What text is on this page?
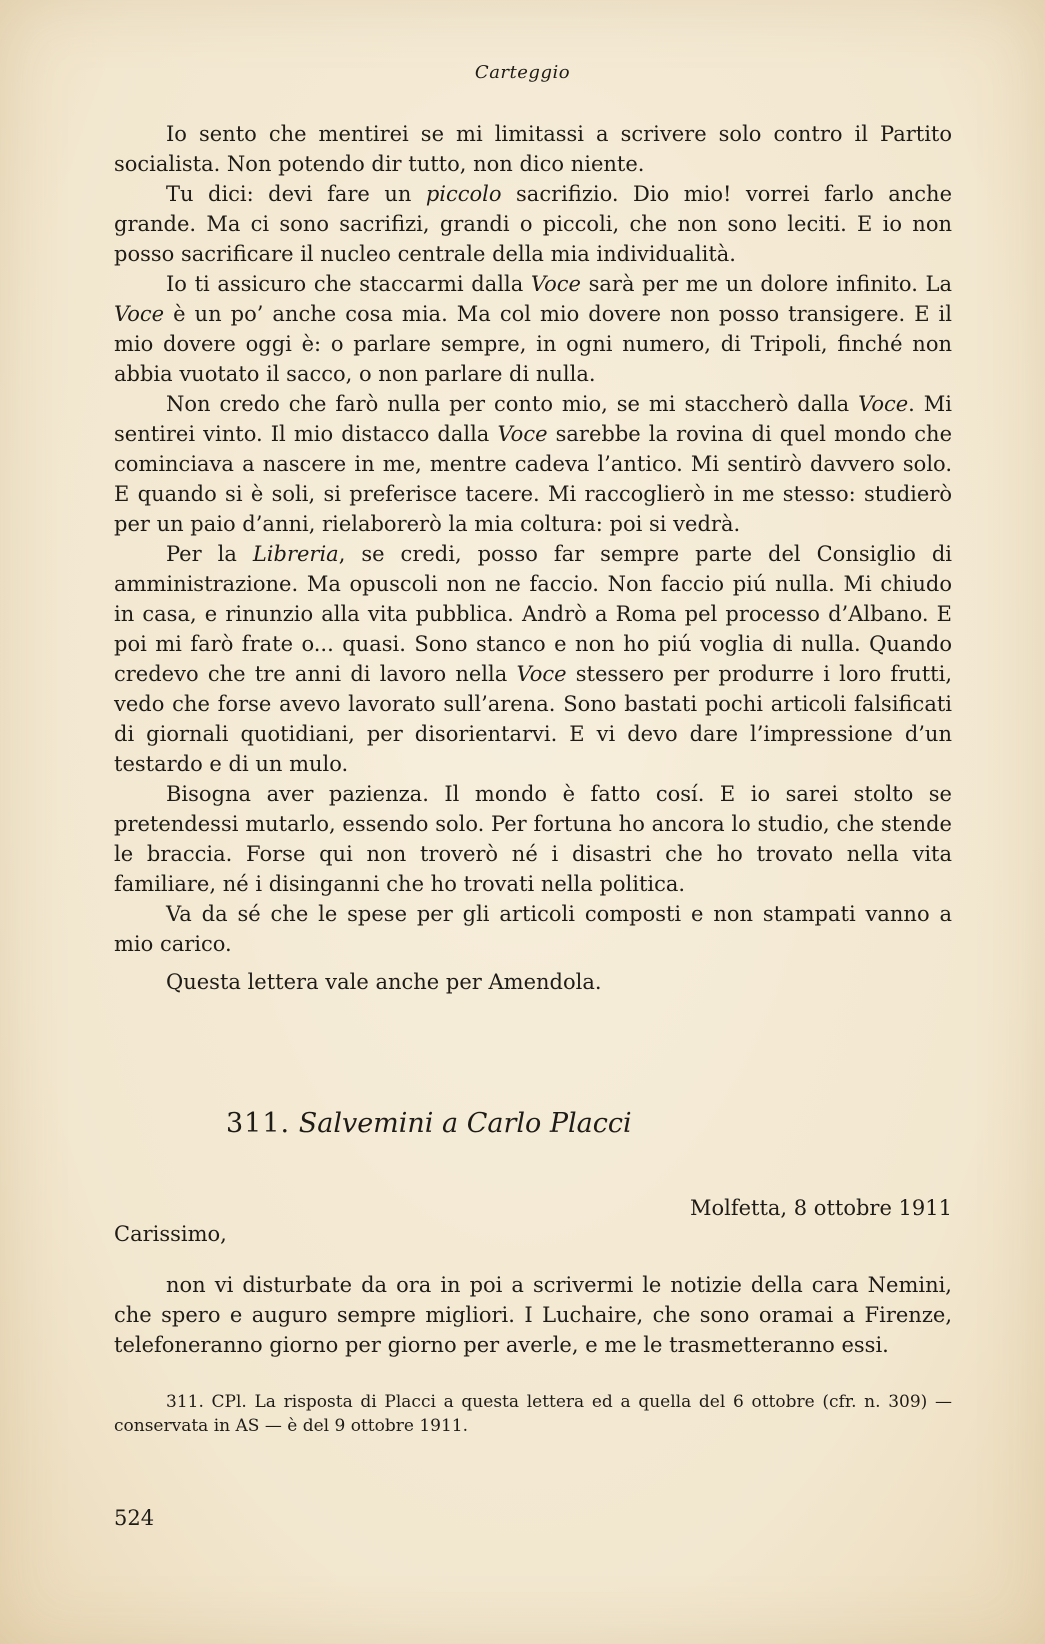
Carteggio

Io sento che mentirei se mi limitassi a scrivere solo contro il Partito socialista. Non potendo dir tutto, non dico niente.

Tu dici: devi fare un piccolo sacrifizio. Dio mio! vorrei farlo anche grande. Ma ci sono sacrifizi, grandi o piccoli, che non sono leciti. E io non posso sacrificare il nucleo centrale della mia individualità.

Io ti assicuro che staccarmi dalla Voce sarà per me un dolore infinito. La Voce è un po’ anche cosa mia. Ma col mio dovere non posso transigere. E il mio dovere oggi è: o parlare sempre, in ogni numero, di Tripoli, finché non abbia vuotato il sacco, o non parlare di nulla.

Non credo che farò nulla per conto mio, se mi staccherò dalla Voce. Mi sentirei vinto. Il mio distacco dalla Voce sarebbe la rovina di quel mondo che cominciava a nascere in me, mentre cadeva l’antico. Mi sentirò davvero solo. E quando si è soli, si preferisce tacere. Mi raccoglierò in me stesso: studierò per un paio d’anni, rielaborerò la mia coltura: poi si vedrà.

Per la Libreria, se credi, posso far sempre parte del Consiglio di amministrazione. Ma opuscoli non ne faccio. Non faccio piú nulla. Mi chiudo in casa, e rinunzio alla vita pubblica. Andrò a Roma pel processo d’Albano. E poi mi farò frate o... quasi. Sono stanco e non ho piú voglia di nulla. Quando credevo che tre anni di lavoro nella Voce stessero per produrre i loro frutti, vedo che forse avevo lavorato sull’arena. Sono bastati pochi articoli falsificati di giornali quotidiani, per disorientarvi. E vi devo dare l’impressione d’un testardo e di un mulo.

Bisogna aver pazienza. Il mondo è fatto cosí. E io sarei stolto se pretendessi mutarlo, essendo solo. Per fortuna ho ancora lo studio, che stende le braccia. Forse qui non troverò né i disastri che ho trovato nella vita familiare, né i disinganni che ho trovati nella politica.

Va da sé che le spese per gli articoli composti e non stampati vanno a mio carico.

Questa lettera vale anche per Amendola.
311. Salvemini a Carlo Placci
Molfetta, 8 ottobre 1911
Carissimo,

non vi disturbate da ora in poi a scrivermi le notizie della cara Nemini, che spero e auguro sempre migliori. I Luchaire, che sono oramai a Firenze, telefoneranno giorno per giorno per averle, e me le trasmetteranno essi.

311. CPl. La risposta di Placci a questa lettera ed a quella del 6 ottobre (cfr. n. 309) — conservata in AS — è del 9 ottobre 1911.

524
